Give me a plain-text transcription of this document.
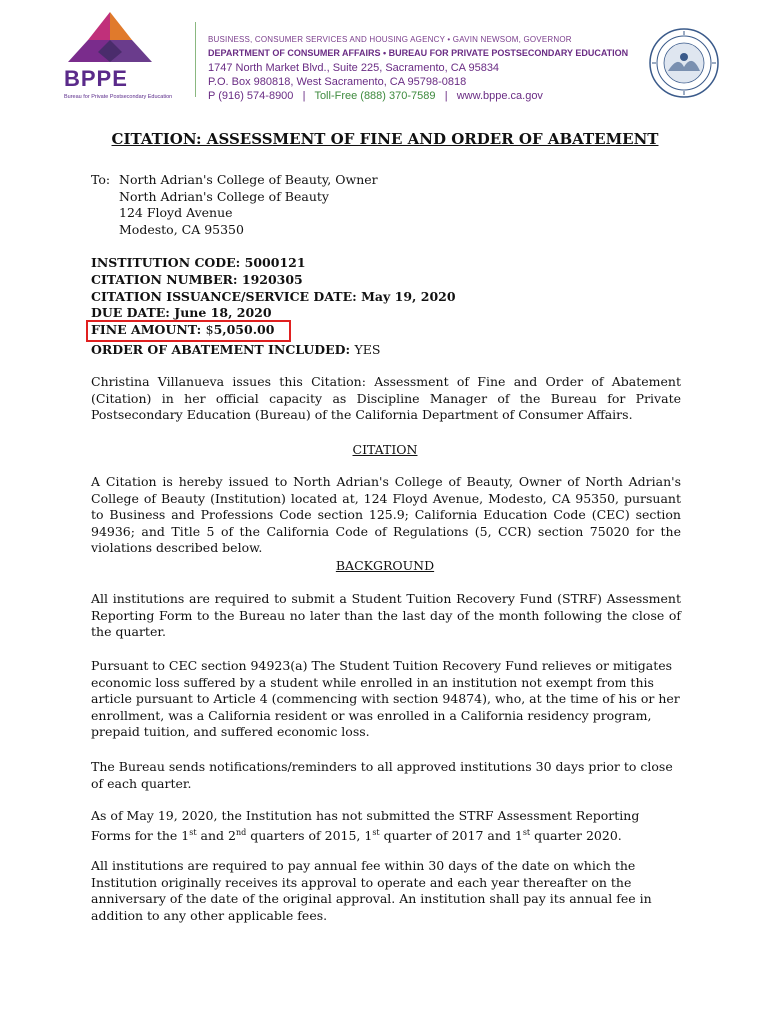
BPPE
Bureau for Private Postsecondary Education
BUSINESS, CONSUMER SERVICES AND HOUSING AGENCY • GAVIN NEWSOM, GOVERNOR
DEPARTMENT OF CONSUMER AFFAIRS • BUREAU FOR PRIVATE POSTSECONDARY EDUCATION
1747 North Market Blvd., Suite 225, Sacramento, CA 95834
P.O. Box 980818, West Sacramento, CA 95798-0818
P (916) 574-8900 | Toll-Free (888) 370-7589 | www.bppe.ca.gov
CITATION: ASSESSMENT OF FINE AND ORDER OF ABATEMENT
To: North Adrian's College of Beauty, Owner
North Adrian's College of Beauty
124 Floyd Avenue
Modesto, CA 95350
INSTITUTION CODE: 5000121
CITATION NUMBER: 1920305
CITATION ISSUANCE/SERVICE DATE: May 19, 2020
DUE DATE: June 18, 2020
FINE AMOUNT: $5,050.00
ORDER OF ABATEMENT INCLUDED: YES
Christina Villanueva issues this Citation: Assessment of Fine and Order of Abatement (Citation) in her official capacity as Discipline Manager of the Bureau for Private Postsecondary Education (Bureau) of the California Department of Consumer Affairs.
CITATION
A Citation is hereby issued to North Adrian's College of Beauty, Owner of North Adrian's College of Beauty (Institution) located at, 124 Floyd Avenue, Modesto, CA 95350, pursuant to Business and Professions Code section 125.9; California Education Code (CEC) section 94936; and Title 5 of the California Code of Regulations (5, CCR) section 75020 for the violations described below.
BACKGROUND
All institutions are required to submit a Student Tuition Recovery Fund (STRF) Assessment Reporting Form to the Bureau no later than the last day of the month following the close of the quarter.
Pursuant to CEC section 94923(a) The Student Tuition Recovery Fund relieves or mitigates economic loss suffered by a student while enrolled in an institution not exempt from this article pursuant to Article 4 (commencing with section 94874), who, at the time of his or her enrollment, was a California resident or was enrolled in a California residency program, prepaid tuition, and suffered economic loss.
The Bureau sends notifications/reminders to all approved institutions 30 days prior to close of each quarter.
As of May 19, 2020, the Institution has not submitted the STRF Assessment Reporting Forms for the 1st and 2nd quarters of 2015, 1st quarter of 2017 and 1st quarter 2020.
All institutions are required to pay annual fee within 30 days of the date on which the Institution originally receives its approval to operate and each year thereafter on the anniversary of the date of the original approval. An institution shall pay its annual fee in addition to any other applicable fees.
